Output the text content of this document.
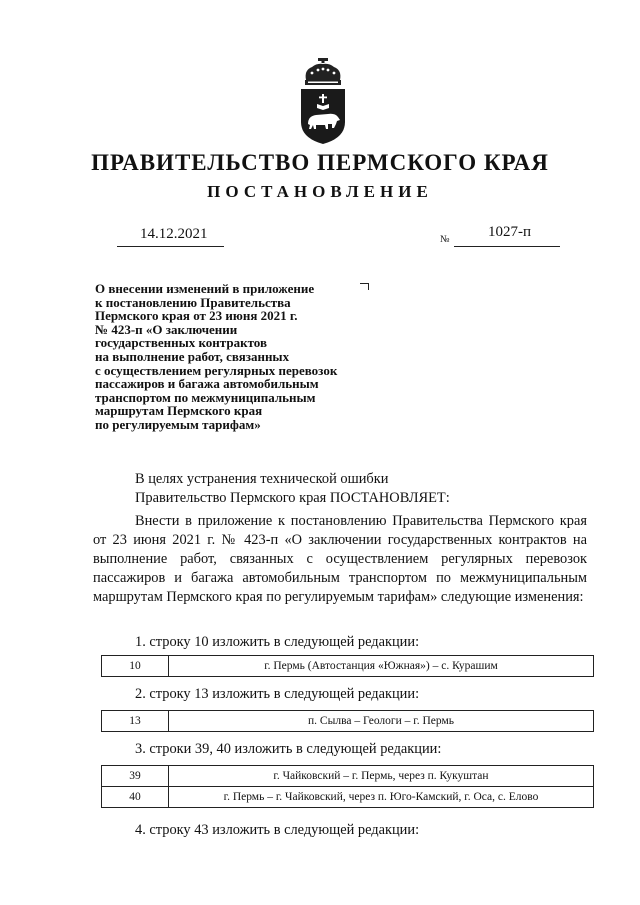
ПРАВИТЕЛЬСТВО ПЕРМСКОГО КРАЯ
ПОСТАНОВЛЕНИЕ
14.12.2021	№	1027-п
О внесении изменений в приложение
к постановлению Правительства
Пермского края от 23 июня 2021 г.
№ 423-п «О заключении
государственных контрактов
на выполнение работ, связанных
с осуществлением регулярных перевозок
пассажиров и багажа автомобильным
транспортом по межмуниципальным
маршрутам Пермского края
по регулируемым тарифам»
В целях устранения технической ошибки
Правительство Пермского края ПОСТАНОВЛЯЕТ:
Внести в приложение к постановлению Правительства Пермского края от 23 июня 2021 г. № 423-п «О заключении государственных контрактов на выполнение работ, связанных с осуществлением регулярных перевозок пассажиров и багажа автомобильным транспортом по межмуниципальным маршрутам Пермского края по регулируемым тарифам» следующие изменения:
1. строку 10 изложить в следующей редакции:
10	г. Пермь (Автостанция «Южная») – с. Курашим
2. строку 13 изложить в следующей редакции:
13	п. Сылва – Геологи – г. Пермь
3. строки 39, 40 изложить в следующей редакции:
39	г. Чайковский – г. Пермь, через п. Кукуштан
40	г. Пермь – г. Чайковский, через п. Юго-Камский, г. Оса, с. Елово
4. строку 43 изложить в следующей редакции:
